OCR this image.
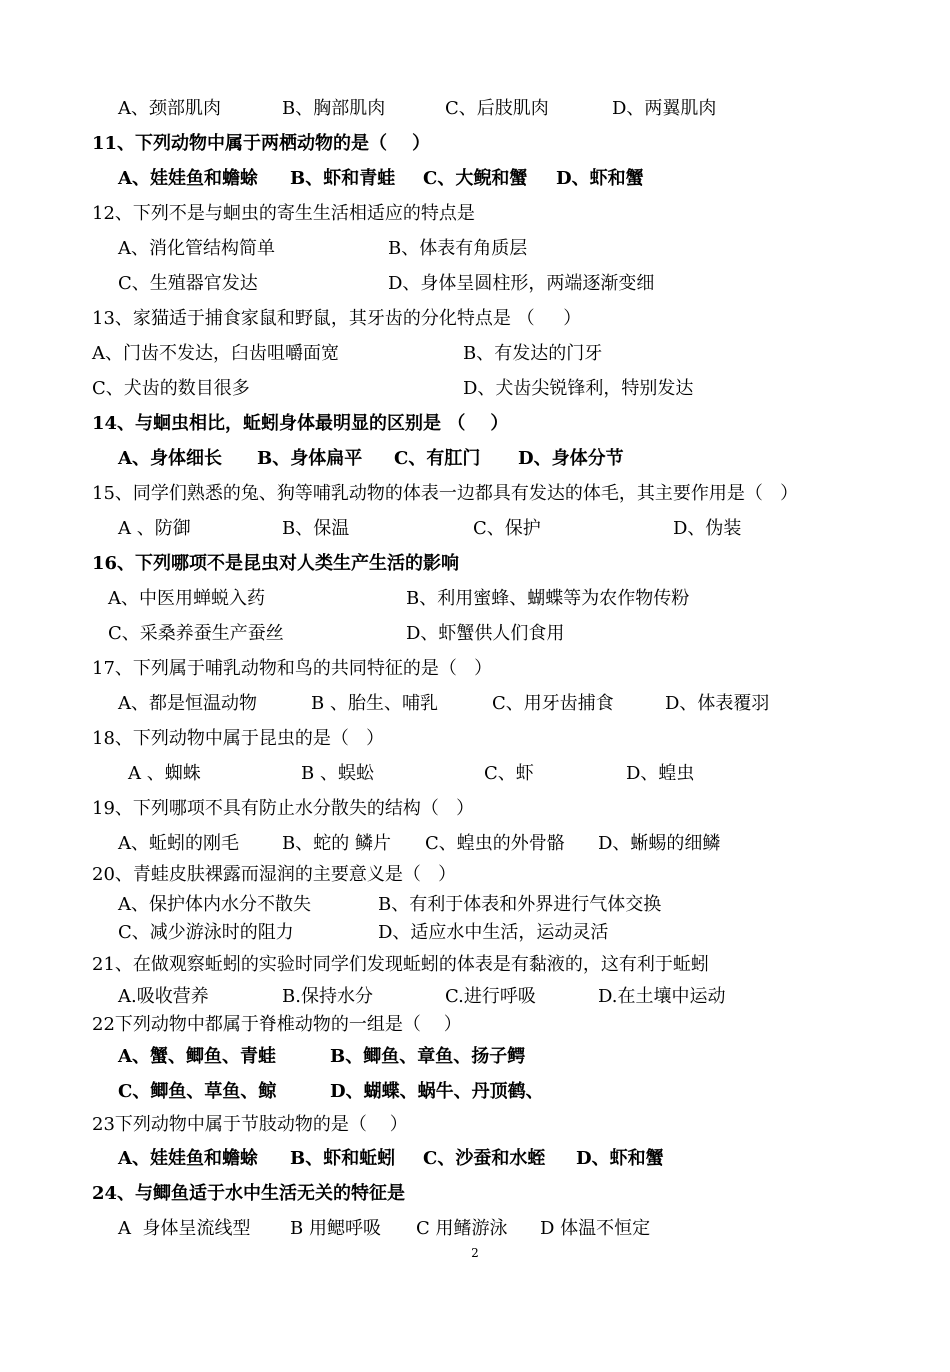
A、颈部肌肉

	B、胸部肌肉

	C、后肢肌肉

	D、两翼肌肉

11、下列动物中属于两栖动物的是（    ）

A、娃娃鱼和蟾蜍

B、虾和青蛙

C、大鲵和蟹

D、虾和蟹

12、下列不是与蛔虫的寄生生活相适应的特点是

A、消化管结构简单

	B、体表有角质层

C、生殖器官发达

	D、身体呈圆柱形，两端逐渐变细

13、家猫适于捕食家鼠和野鼠，其牙齿的分化特点是 （     ）

A、门齿不发达，臼齿咀嚼面宽

	B、有发达的门牙

C、犬齿的数目很多

	D、犬齿尖锐锋利，特别发达

14、与蛔虫相比，蚯蚓身体最明显的区别是 （    ）

A、身体细长

B、身体扁平

C、有肛门

D、身体分节

15、同学们熟悉的兔、狗等哺乳动物的体表一边都具有发达的体毛，其主要作用是（   ）

A 、防御

	B、保温

	C、保护

	D、伪装

16、下列哪项不是昆虫对人类生产生活的影响

A、中医用蝉蜕入药

	B、利用蜜蜂、蝴蝶等为农作物传粉

C、采桑养蚕生产蚕丝

	D、虾蟹供人们食用

17、下列属于哺乳动物和鸟的共同特征的是（   ）

A、都是恒温动物

	B 、胎生、哺乳

	C、用牙齿捕食

	D、体表覆羽

18、下列动物中属于昆虫的是（   ）

A 、蜘蛛

	B 、蜈蚣

	C、虾

	D、蝗虫

19、下列哪项不具有防止水分散失的结构（   ）

A、蚯蚓的刚毛

B、蛇的 鳞片

C、蝗虫的外骨骼

D、蜥蜴的细鳞

20、青蛙皮肤裸露而湿润的主要意义是（   ）

A、保护体内水分不散失

	B、有利于体表和外界进行气体交换

C、减少游泳时的阻力

	D、适应水中生活，运动灵活

21、在做观察蚯蚓的实验时同学们发现蚯蚓的体表是有黏液的，这有利于蚯蚓

A.吸收营养

	B.保持水分

	C.进行呼吸

	D.在土壤中运动

22下列动物中都属于脊椎动物的一组是（    ）

A、蟹、鲫鱼、青蛙

	B、鲫鱼、章鱼、扬子鳄

C、鲫鱼、草鱼、鲸

	D、蝴蝶、蜗牛、丹顶鹤、

23下列动物中属于节肢动物的是（    ）

A、娃娃鱼和蟾蜍

B、虾和蚯蚓

C、沙蚕和水蛭

D、虾和蟹

24、与鲫鱼适于水中生活无关的特征是

A  身体呈流线型

B 用鳃呼吸

C 用鳍游泳

D 体温不恒定

2
